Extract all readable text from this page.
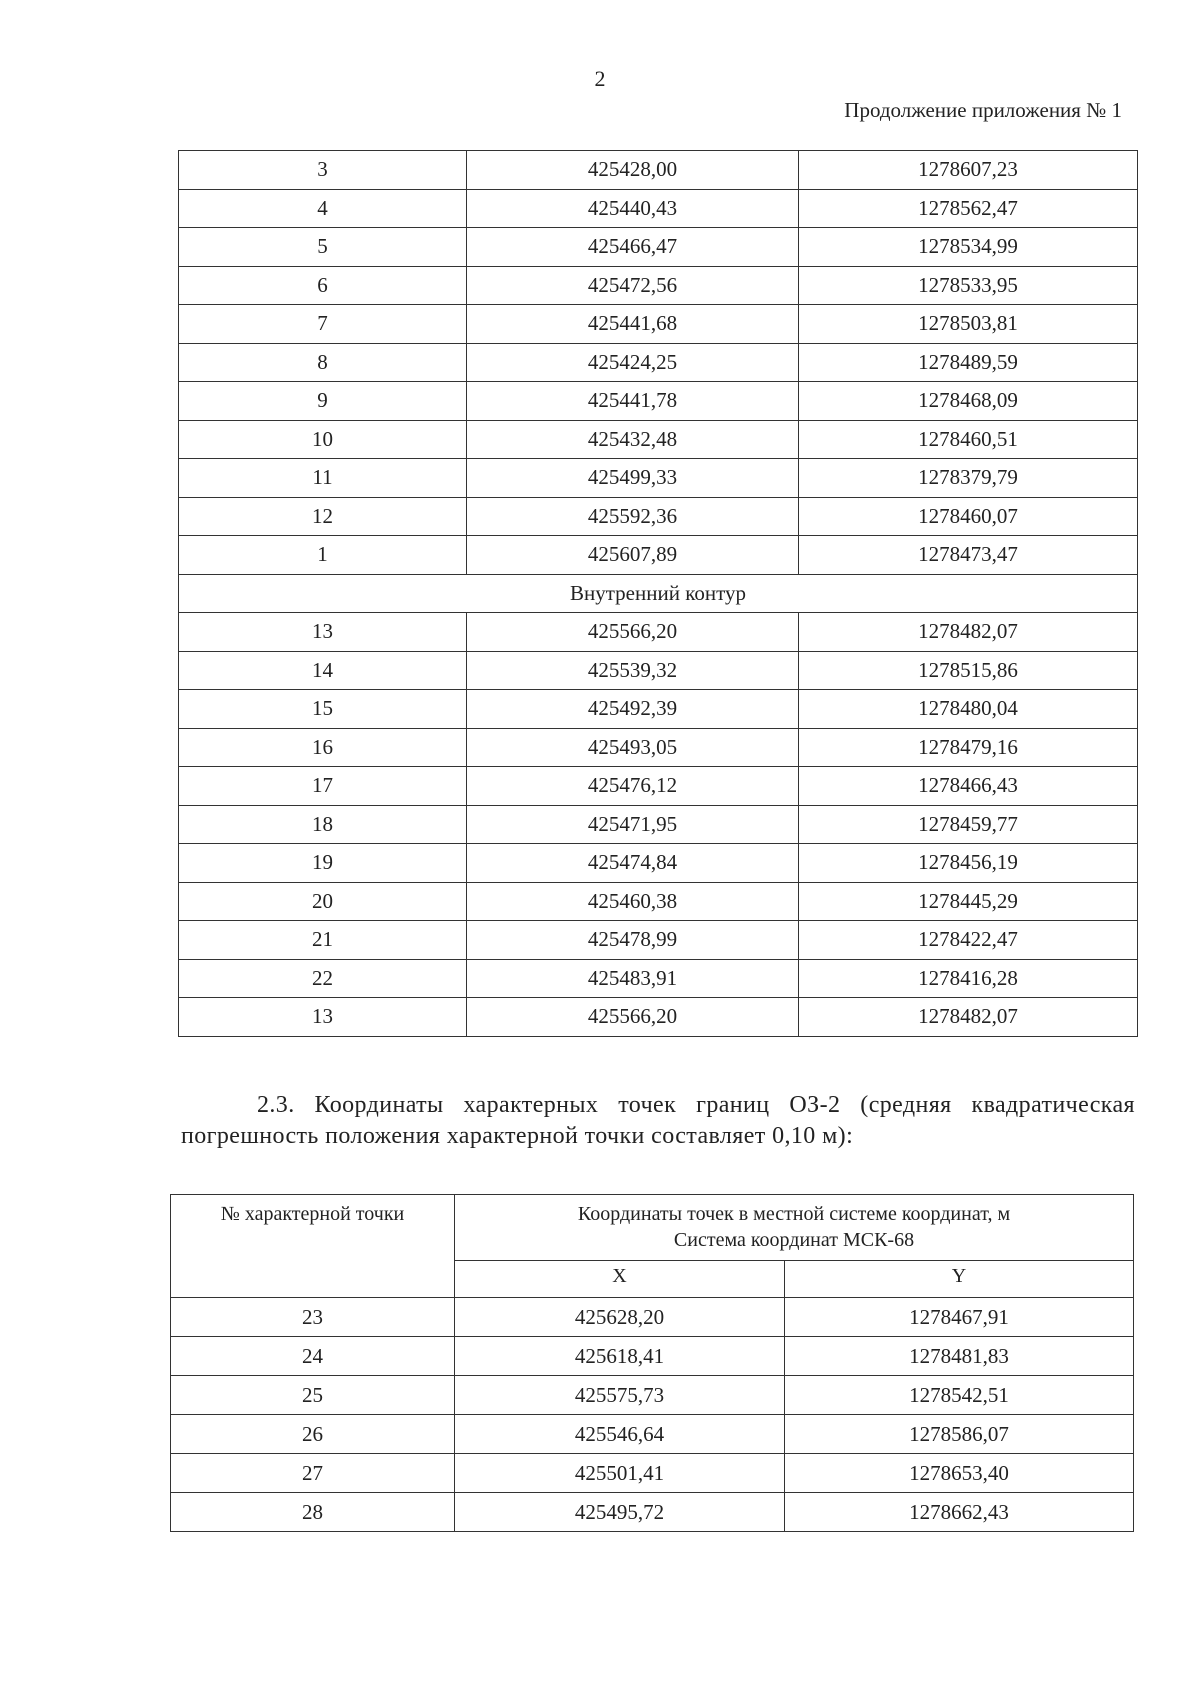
2
Продолжение приложения № 1
3	425428,00	1278607,23
4	425440,43	1278562,47
5	425466,47	1278534,99
6	425472,56	1278533,95
7	425441,68	1278503,81
8	425424,25	1278489,59
9	425441,78	1278468,09
10	425432,48	1278460,51
11	425499,33	1278379,79
12	425592,36	1278460,07
1	425607,89	1278473,47
Внутренний контур		
13	425566,20	1278482,07
14	425539,32	1278515,86
15	425492,39	1278480,04
16	425493,05	1278479,16
17	425476,12	1278466,43
18	425471,95	1278459,77
19	425474,84	1278456,19
20	425460,38	1278445,29
21	425478,99	1278422,47
22	425483,91	1278416,28
13	425566,20	1278482,07
2.3. Координаты характерных точек границ ОЗ-2 (средняя квадратическая погрешность положения характерной точки составляет 0,10 м):
№ характерной точки	Координаты точек в местной системе координат, м
Система координат МСК-68	

	X	Y
23	425628,20	1278467,91
24	425618,41	1278481,83
25	425575,73	1278542,51
26	425546,64	1278586,07
27	425501,41	1278653,40
28	425495,72	1278662,43
